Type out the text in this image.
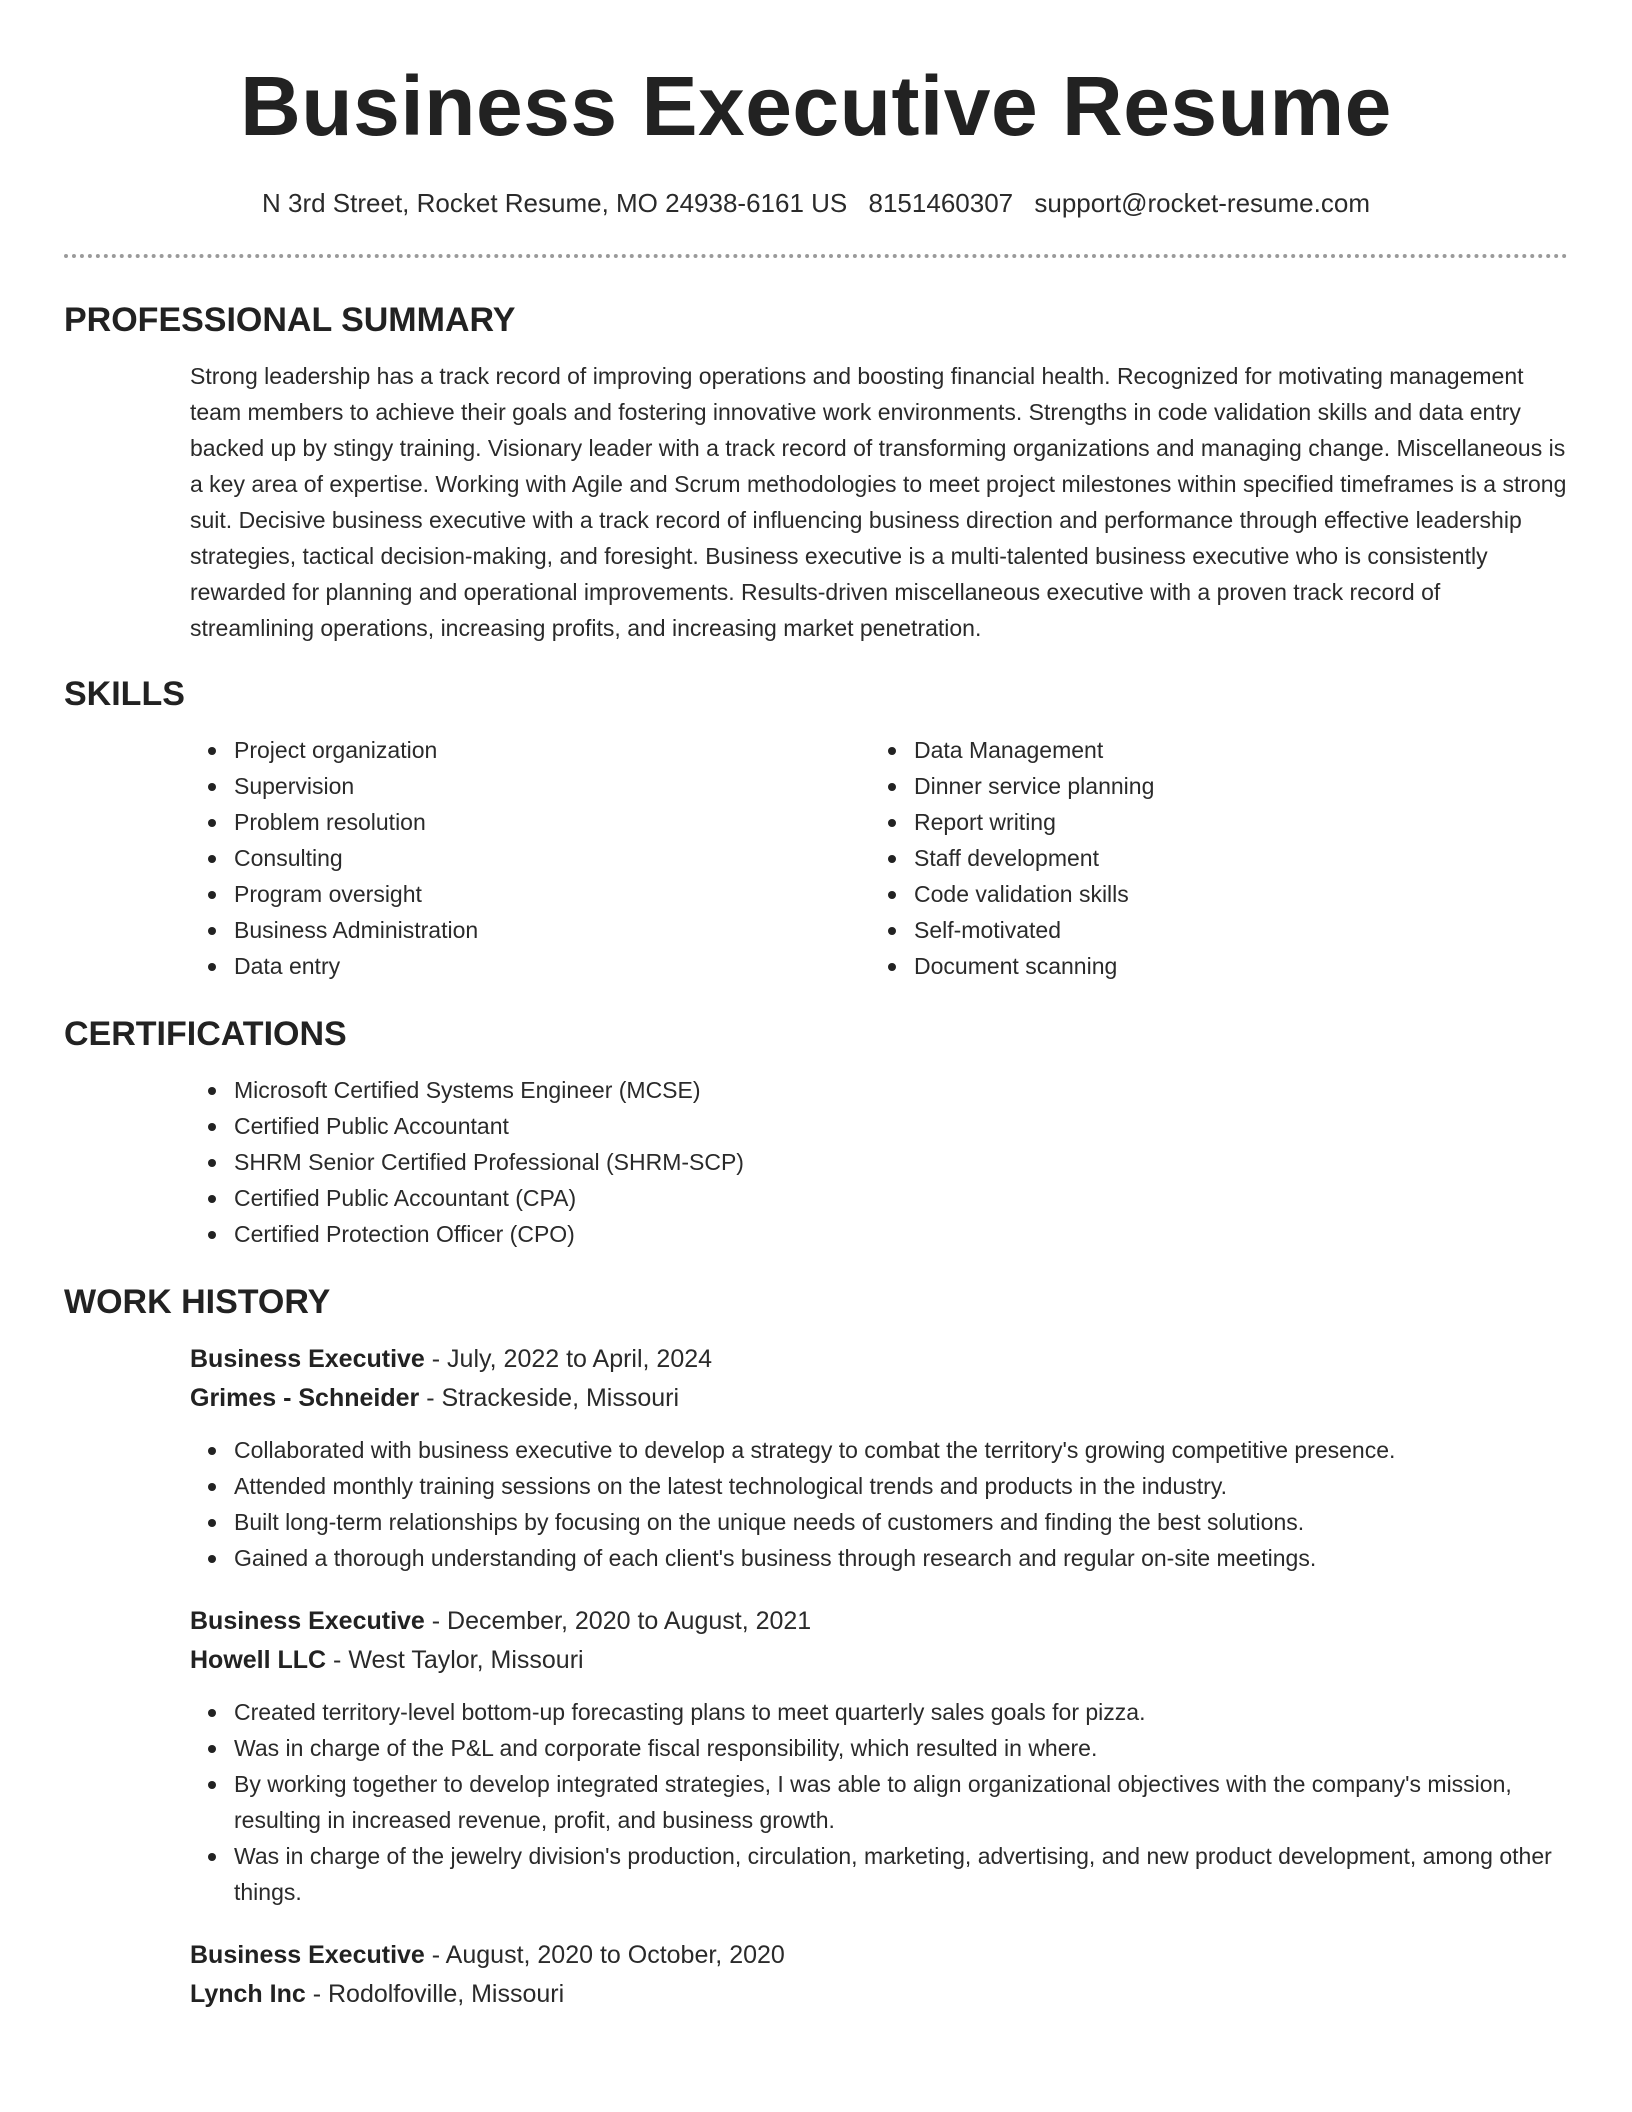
Business Executive Resume
N 3rd Street, Rocket Resume, MO 24938-6161 US 8151460307 support@rocket-resume.com
PROFESSIONAL SUMMARY

Strong leadership has a track record of improving operations and boosting financial health. Recognized for motivating management team members to achieve their goals and fostering innovative work environments. Strengths in code validation skills and data entry backed up by stingy training. Visionary leader with a track record of transforming organizations and managing change. Miscellaneous is a key area of expertise. Working with Agile and Scrum methodologies to meet project milestones within specified timeframes is a strong suit. Decisive business executive with a track record of influencing business direction and performance through effective leadership strategies, tactical decision-making, and foresight. Business executive is a multi-talented business executive who is consistently rewarded for planning and operational improvements. Results-driven miscellaneous executive with a proven track record of streamlining operations, increasing profits, and increasing market penetration.

SKILLS
Project organization
Supervision
Problem resolution
Consulting
Program oversight
Business Administration
Data entry
Data Management
Dinner service planning
Report writing
Staff development
Code validation skills
Self-motivated
Document scanning
CERTIFICATIONS
Microsoft Certified Systems Engineer (MCSE)
Certified Public Accountant
SHRM Senior Certified Professional (SHRM-SCP)
Certified Public Accountant (CPA)
Certified Protection Officer (CPO)
WORK HISTORY
Business Executive - July, 2022 to April, 2024
Grimes - Schneider - Strackeside, Missouri
Collaborated with business executive to develop a strategy to combat the territory's growing competitive presence.
Attended monthly training sessions on the latest technological trends and products in the industry.
Built long-term relationships by focusing on the unique needs of customers and finding the best solutions.
Gained a thorough understanding of each client's business through research and regular on-site meetings.
Business Executive - December, 2020 to August, 2021
Howell LLC - West Taylor, Missouri
Created territory-level bottom-up forecasting plans to meet quarterly sales goals for pizza.
Was in charge of the P&L and corporate fiscal responsibility, which resulted in where.
By working together to develop integrated strategies, I was able to align organizational objectives with the company's mission, resulting in increased revenue, profit, and business growth.
Was in charge of the jewelry division's production, circulation, marketing, advertising, and new product development, among other things.
Business Executive - August, 2020 to October, 2020
Lynch Inc - Rodolfoville, Missouri
